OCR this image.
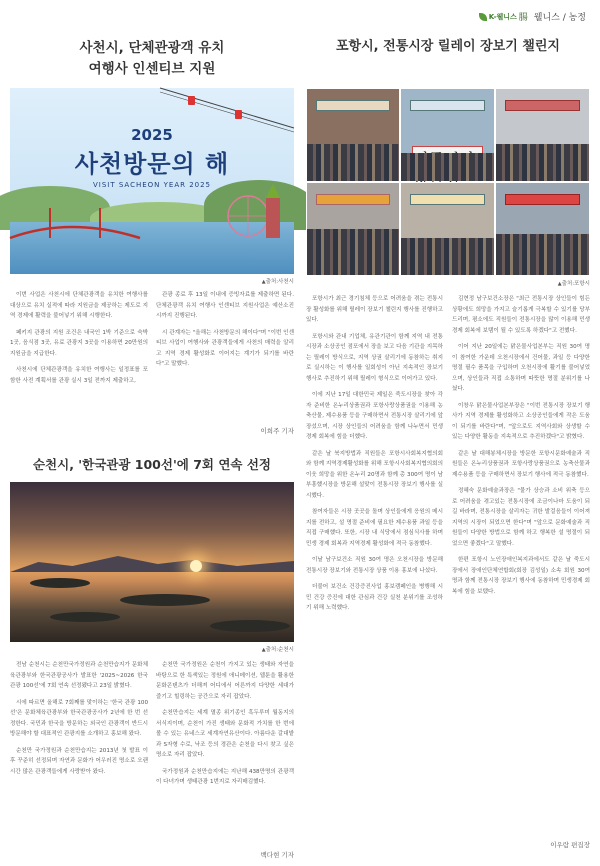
K-웰니스 腸 웰니스 / 농정
사천시, 단체관광객 유치
여행사 인센티브 지원
2025
사천방문의 해
VISIT SACHEON YEAR 2025
▲ 출처:사천시

이번 사업은 사천시에 단체관광객을 유치한 여행사를 대상으로 유치 실적에 따라 지원금을 제공하는 제도로 지역 경제에 활력을 불어넣기 위해 시행한다.

페키지 관광의 지원 조건은 내국인 1박 기준으로 숙박 1곳, 음식점 3곳, 유료 관광지 3곳을 이용하면 20만원의 지원금을 지급한다.

사천시에 단체관광객을 유치한 여행사는 일정표를 포함한 사전 계획서를 관광 실시 3일 전까지 제출하고,

관광 종료 후 13일 이내에 증빙자료를 제출하면 된다. 단체관광객 유치 여행사 인센티브 지원사업은 예산소진 시까지 진행된다.

시 관계자는 "올해는 사천방문의 해이다"며 "이번 인센티브 사업이 여행사와 관광객들에게 사천의 매력을 알리고 지역 경제 활성화로 이어지는 계기가 되기를 바란다"고 말했다.

이희주 기자
순천시, '한국관광 100선'에 7회 연속 선정
▲ 출처:순천시

전남 순천시는 순천만국가정원과 순천만습지가 문화체육관광부와 한국관광공사가 발표한 '2025~2026 한국 관광 100선'에 7회 연속 선정됐다고 23일 밝혔다.

시에 따르면 올해로 7회째를 맞이하는 '한국 관광 100선'은 문화체육관광부와 한국관광공사가 2년에 한 번 선정한다. 국민과 한국을 방문하는 외국인 관광객이 반드시 방문해야 할 대표적인 관광지를 소개하고 홍보해 왔다.

순천만 국가정원과 순천만습지는 2013년 첫 발표 이후 꾸준히 선정되며 자연과 문화가 어우러진 명소로 오랜 시간 많은 관광객들에게 사랑받아 왔다.

순천만 국가정원은 순천이 가지고 있는 생태와 자연을 바탕으로 한 특색있는 정원에 애니메이션, 웹툰을 활용한 문화콘텐츠가 더해져 어디에서 어른까지 다양한 세대가 즐기고 힐링하는 공간으로 자리 잡았다.

순천만습지는 세계 멸종 위기종인 흑두루미 월동지의 서식지이며, 순천이 가진 생태와 문화적 가치를 한 번에 볼 수 있는 유네스코 세계자연유산이다. 아름다운 갈대밭과 S자형 수로, 낙조 등의 경관은 순천을 다시 찾고 싶은 명소로 자리 잡았다.

국가정원과 순천만습지에는 지난해 438만명의 관광객이 다녀가며 생태관광 1번지로 자리매김했다.

백다현 기자
포항시, 전통시장 릴레이 장보기 챌린지
▲ 출처:포항시

포항시가 최근 경기침체 등으로 어려움을 겪는 전통시장 활성화를 위해 릴레이 장보기 챌린지 행사를 진행하고 있다.

포항시와 관내 기업체, 유관기관이 함께 지역 내 전통시장과 소상공인 점포에서 장을 보고 다음 기관을 지목하는 릴레이 방식으로, 지역 상권 살리기에 동참하는 취지로 실시하는 이 행사를 일회성이 아닌 지속적인 장보기 행사로 추진하기 위해 릴레이 형식으로 이어가고 있다.

이에 지난 17일 대한민국 제일은 죽도시장을 찾아 각자 준비한 온누리상품권과 포항사랑상품권을 이용해 농축산물, 제수용품 등을 구매하면서 전통시장 살리기에 앞장섰으며, 시장 상인들의 어려움을 함께 나누면서 민생 경제 회복에 힘을 더했다.

같은 날 북지방법과 직원들은 포항시사회복지협의회와 함께 지역경제활성화를 위해 포항시사회복지협의회의 이웃 희망을 위한 온누리 20명과 함께 총 300여 명이 남부흥했시장을 방문해 설맞이 전통시장 장보기 행사를 실시했다.

참여자들은 시장 곳곳을 돌며 상인들에게 응원의 메시지를 전하고, 설 명절 준비에 필요한 제수용품 과일 등을 직접 구매했다. 또한, 시장 내 식당에서 점심식사를 하며 민생 경제 회복과 지역경제 활성화에 적극 동참했다.

이날 남구보건소 직원 30여 명은 오천시장을 방문해 전통시장 장보기와 전통시장 상품 이용 홍보에 나섰다.

더불어 보건소 건강증진사업 홍보캠페인을 병행해 시민 건강 증진에 대한 관심과 건강 실천 분위기를 조성하기 위해 노력했다.

김현정 남구보건소장은 "최근 전통시장 상인들이 힘든 상황에도 희망을 가지고 슬기롭게 극복할 수 있기를 당부드리며, 평소에도 직원들이 전통시장을 많이 이용해 민생 경제 회복에 보탬이 될 수 있도록 하겠다"고 전했다.

이어 지난 20일에는 맑은물사업본부는 직원 30여 명이 참여한 가운데 오천시장에서 건어물, 과일 등 다양한 명절 필수 품목을 구입하며 오천시장에 활기를 불어넣었으며, 상인들과 직접 소통하며 따뜻한 명절 분위기를 나눴다.

이창우 맑은물사업본부장은 "이번 전통시장 장보기 행사가 지역 경제를 활성화하고 소상공인들에게 작은 도움이 되기를 바란다"며, "앞으로도 지역사회와 상생할 수 있는 다양한 활동을 지속적으로 추진하겠다"고 밝혔다.

같은 날 대해봉체시장을 방문한 포항시문화예술과 직원들은 온누리상품권과 포항사랑상품권으로 농축산물과 제수용품 등을 구매하면서 장보기 행사에 적극 동참했다.

정혜숙 문화예술과장은 "물가 상승과 소비 위축 등으로 어려움을 겪고있는 전통시장에 조금이나마 도움이 되길 바라며, 전통시장을 살리자는 귀한 발걸음들이 이어져 지역의 시장이 되었으면 한다"며 "앞으로 문화예술과 직원들이 다양한 방법으로 함께 하고 행복한 설 명절이 되었으면 좋겠다"고 말했다.

한편 포항시 노인장애인복지과에서도 같은 날 죽도시장에서 장애인단체연합회(회장 김성일) 소속 회원 30여 명과 함께 전통시장 장보기 행사에 동참하며 민생경제 회복에 힘을 보탰다.

이우람 편집장
